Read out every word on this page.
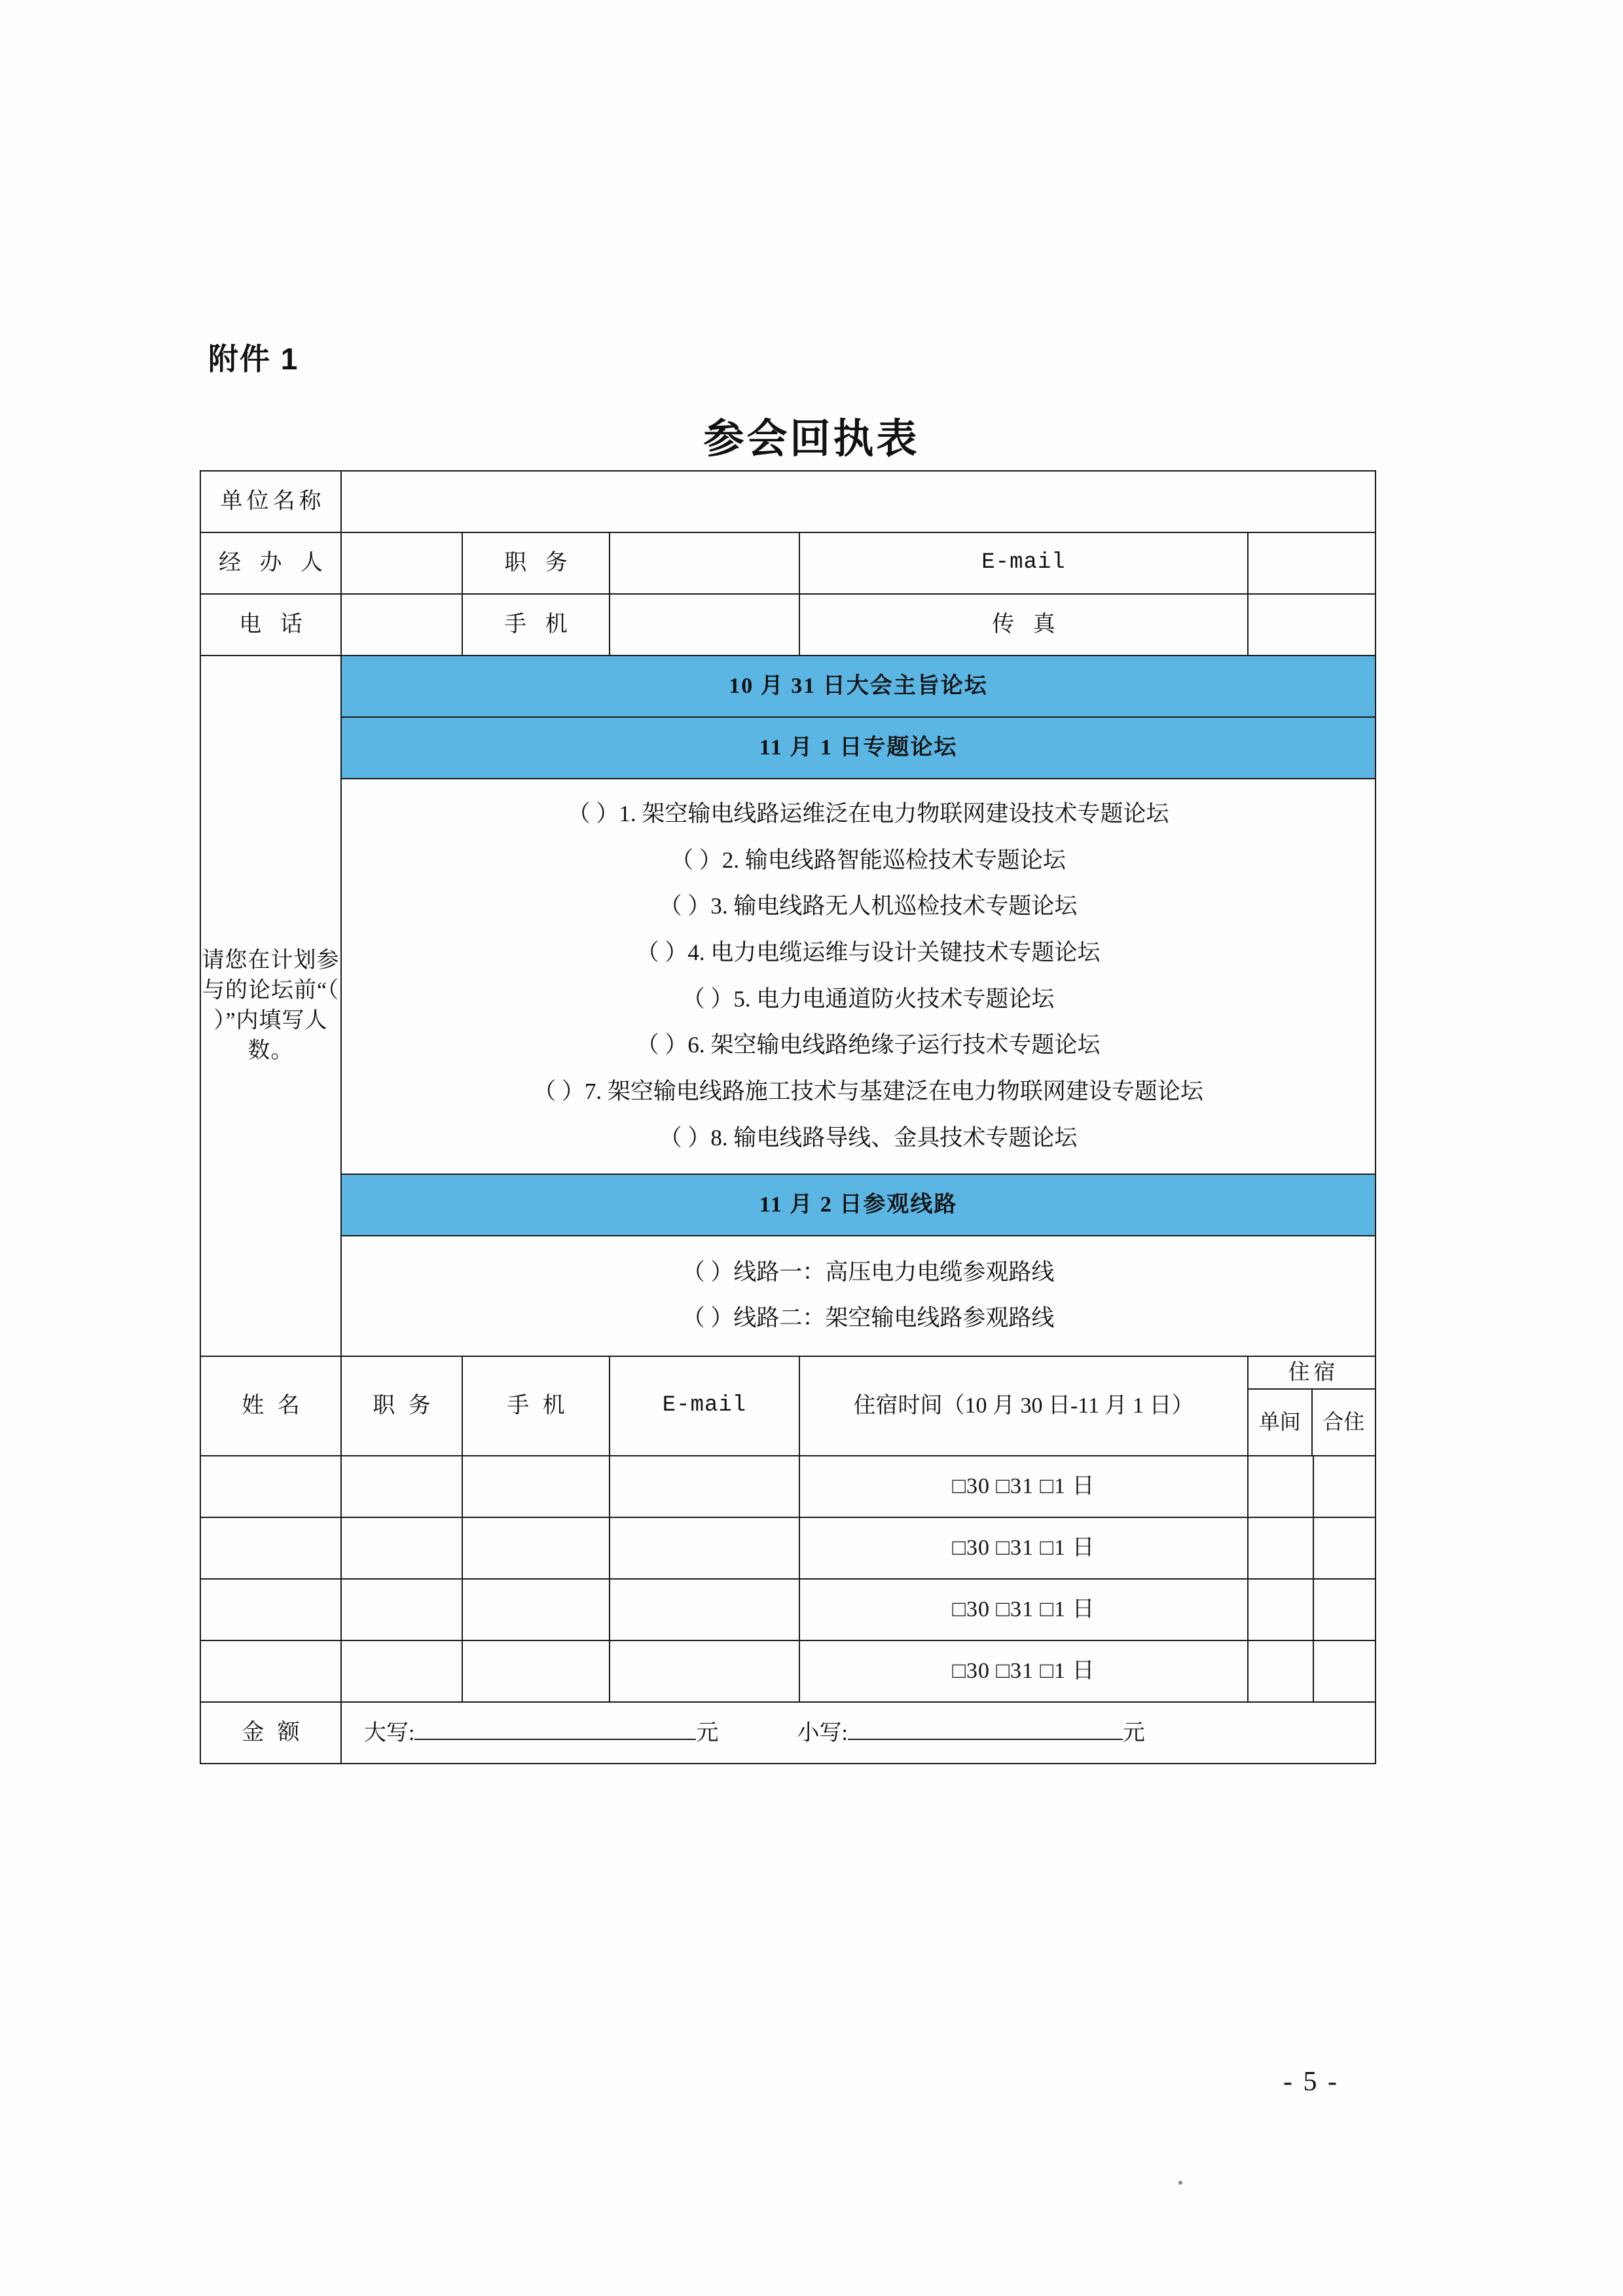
附件 1
参会回执表
单位名称						
经 办 人		职 务		E-mail		
电 话		手 机		传 真		
请您在计划参与的论坛前“（ ）”内填写人数。	10 月 31 日大会主旨论坛					
	11 月 1 日专题论坛					

（ ）1. 架空输电线路运维泛在电力物联网建设技术专题论坛
（ ）2. 输电线路智能巡检技术专题论坛
（ ）3. 输电线路无人机巡检技术专题论坛
（ ）4. 电力电缆运维与设计关键技术专题论坛
（ ）5. 电力电通道防火技术专题论坛
（ ）6. 架空输电线路绝缘子运行技术专题论坛
（ ）7. 架空输电线路施工技术与基建泛在电力物联网建设专题论坛
（ ）8. 输电线路导线、金具技术专题论坛

	11 月 2 日参观线路					

	（ ）线路一：高压电力电缆参观路线
（ ）线路二：架空输电线路参观路线					

姓 名	职 务	手 机	E-mail	住宿时间（10 月 30 日-11 月 1 日）	住宿
单 间 合 住	

				□30 □31 □1 日		
				□30 □31 □1 日		
				□30 □31 □1 日		
				□30 □31 □1 日		
金 额	大写: 元 小写: 元					
- 5 -
